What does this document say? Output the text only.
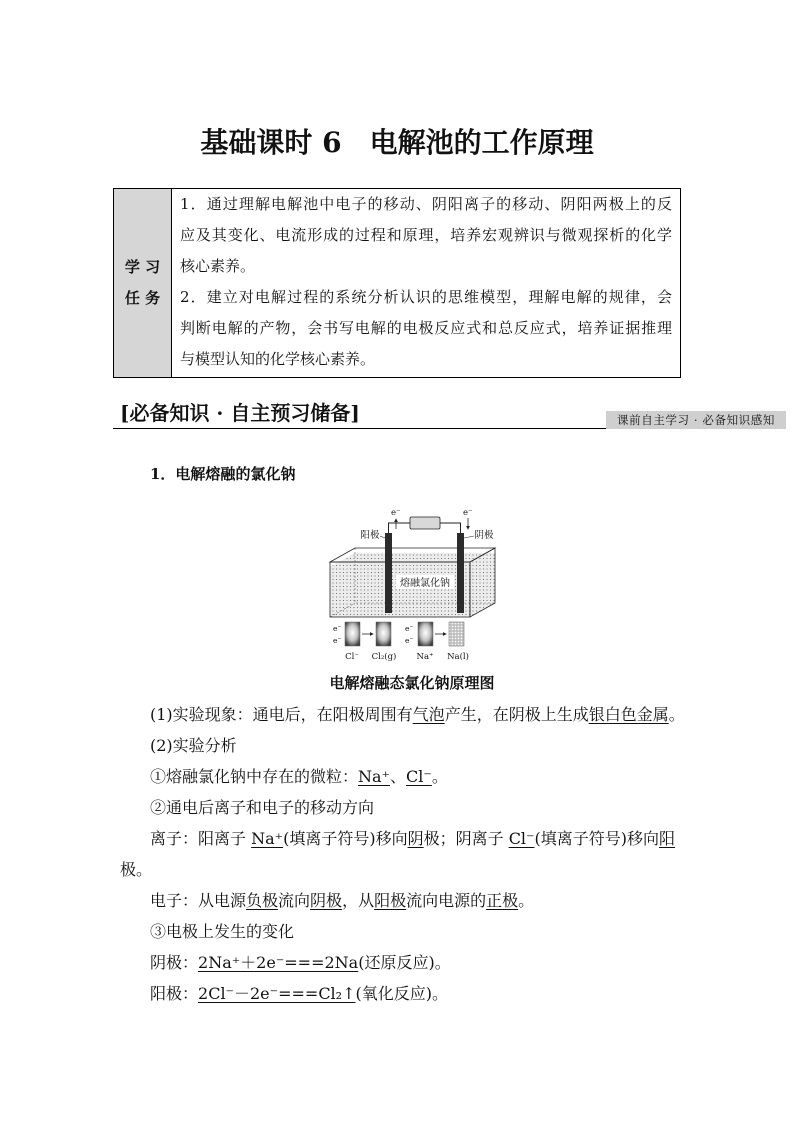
基础课时 6　电解池的工作原理
学 习
任 务
1．通过理解电解池中电子的移动、阴阳离子的移动、阴阳两极上的反
应及其变化、电流形成的过程和原理，培养宏观辨识与微观探析的化学
核心素养。
2．建立对电解过程的系统分析认识的思维模型，理解电解的规律，会
判断电解的产物，会书写电解的电极反应式和总反应式，培养证据推理
与模型认知的化学核心素养。
[必备知识 · 自主预习储备]	课前自主学习 · 必备知识感知
1．电解熔融的氯化钠
熔融氯化钠
e⁻	e⁻
阳极	阴极
e⁻
e⁻
e⁻
e⁻
Cl⁻ Cl₂(g) Na⁺ Na(l)
电解熔融态氯化钠原理图
(1)实验现象：通电后，在阳极周围有气泡产生，在阴极上生成银白色金属。
(2)实验分析
①熔融氯化钠中存在的微粒：Na⁺、Cl⁻。
②通电后离子和电子的移动方向
离子：阳离子 Na⁺(填离子符号)移向阴极；阴离子 Cl⁻(填离子符号)移向阳
极。
电子：从电源负极流向阴极，从阳极流向电源的正极。
③电极上发生的变化
阴极：2Na⁺＋2e⁻===2Na(还原反应)。
阳极：2Cl⁻－2e⁻===Cl₂↑(氧化反应)。
